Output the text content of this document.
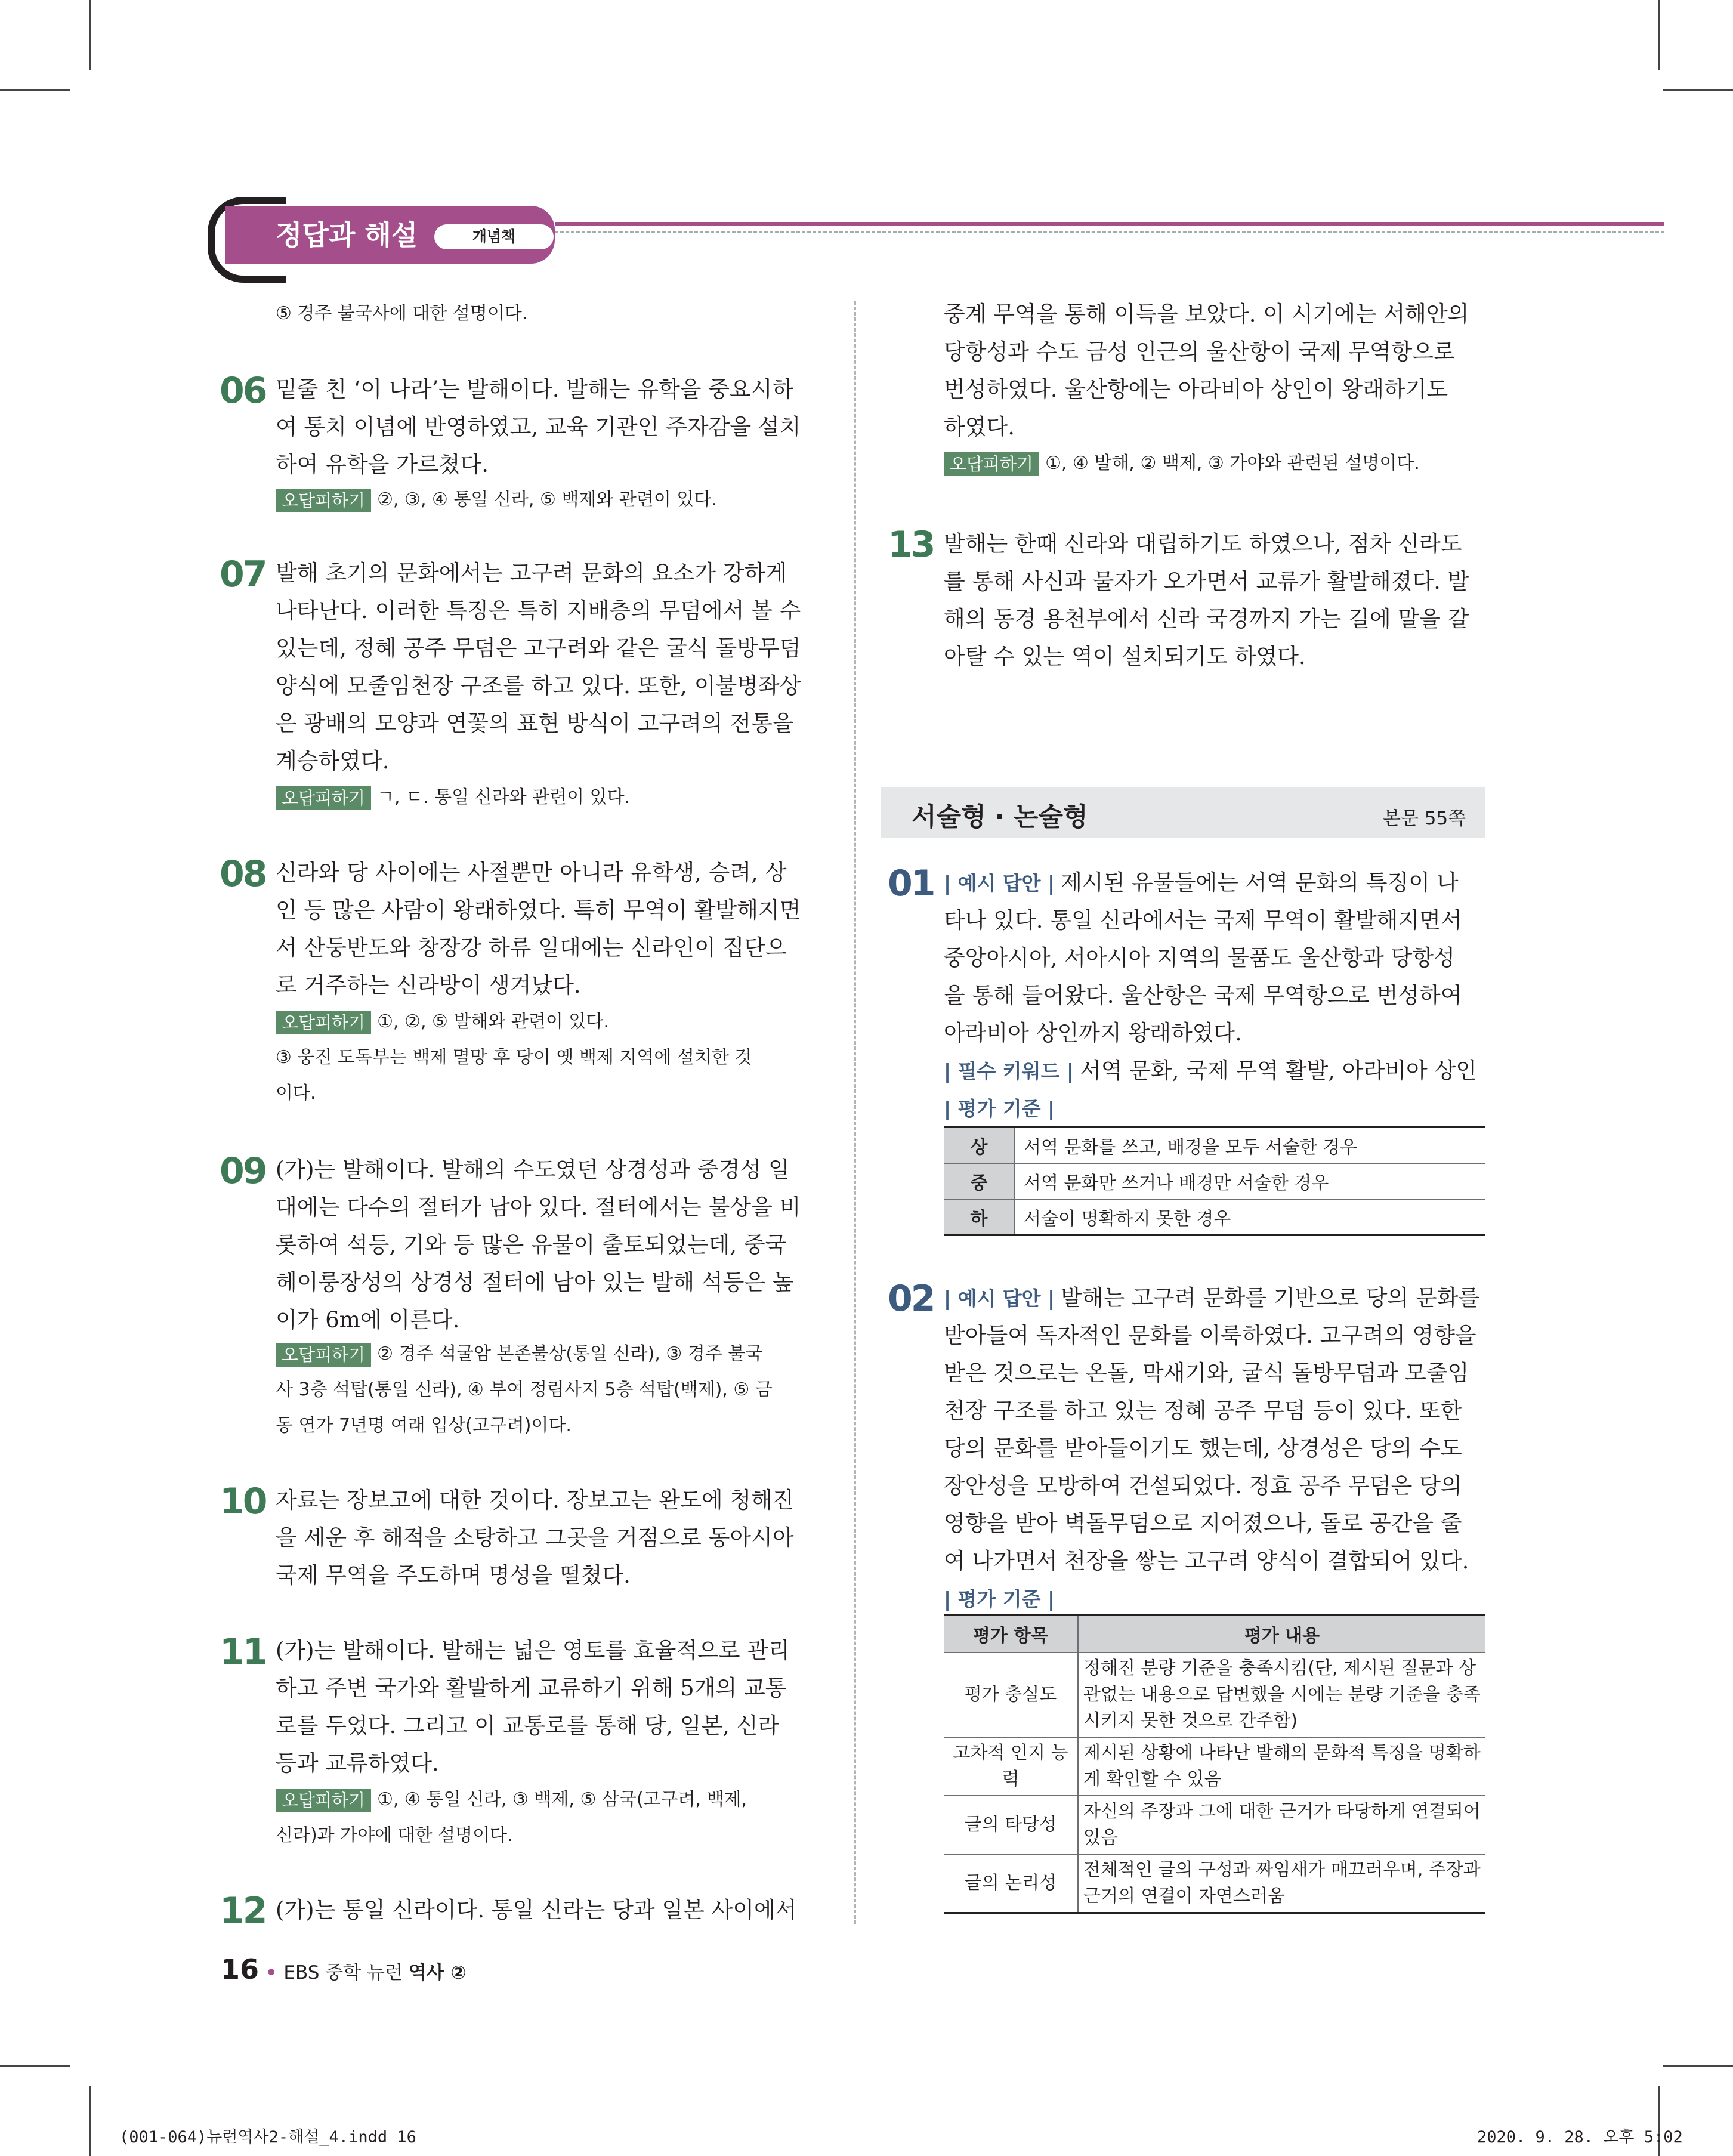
정답과 해설	개념책
⑤ 경주 불국사에 대한 설명이다.
06 밑줄 친 ‘이 나라’는 발해이다. 발해는 유학을 중요시하
여 통치 이념에 반영하였고, 교육 기관인 주자감을 설치
하여 유학을 가르쳤다.
오답피하기 ②, ③, ④ 통일 신라, ⑤ 백제와 관련이 있다.
07 발해 초기의 문화에서는 고구려 문화의 요소가 강하게
나타난다. 이러한 특징은 특히 지배층의 무덤에서 볼 수
있는데, 정혜 공주 무덤은 고구려와 같은 굴식 돌방무덤
양식에 모줄임천장 구조를 하고 있다. 또한, 이불병좌상
은 광배의 모양과 연꽃의 표현 방식이 고구려의 전통을
계승하였다.
오답피하기 ㄱ, ㄷ. 통일 신라와 관련이 있다.
08 신라와 당 사이에는 사절뿐만 아니라 유학생, 승려, 상
인 등 많은 사람이 왕래하였다. 특히 무역이 활발해지면
서 산둥반도와 창장강 하류 일대에는 신라인이 집단으
로 거주하는 신라방이 생겨났다.
오답피하기 ①, ②, ⑤ 발해와 관련이 있다.
③ 웅진 도독부는 백제 멸망 후 당이 옛 백제 지역에 설치한 것
이다.
09 (가)는 발해이다. 발해의 수도였던 상경성과 중경성 일
대에는 다수의 절터가 남아 있다. 절터에서는 불상을 비
롯하여 석등, 기와 등 많은 유물이 출토되었는데, 중국
헤이룽장성의 상경성 절터에 남아 있는 발해 석등은 높
이가 6m에 이른다.
오답피하기 ② 경주 석굴암 본존불상(통일 신라), ③ 경주 불국
사 3층 석탑(통일 신라), ④ 부여 정림사지 5층 석탑(백제), ⑤ 금
동 연가 7년명 여래 입상(고구려)이다.
10 자료는 장보고에 대한 것이다. 장보고는 완도에 청해진
을 세운 후 해적을 소탕하고 그곳을 거점으로 동아시아
국제 무역을 주도하며 명성을 떨쳤다.
11 (가)는 발해이다. 발해는 넓은 영토를 효율적으로 관리
하고 주변 국가와 활발하게 교류하기 위해 5개의 교통
로를 두었다. 그리고 이 교통로를 통해 당, 일본, 신라
등과 교류하였다.
오답피하기 ①, ④ 통일 신라, ③ 백제, ⑤ 삼국(고구려, 백제,
신라)과 가야에 대한 설명이다.
12 (가)는 통일 신라이다. 통일 신라는 당과 일본 사이에서
중계 무역을 통해 이득을 보았다. 이 시기에는 서해안의
당항성과 수도 금성 인근의 울산항이 국제 무역항으로
번성하였다. 울산항에는 아라비아 상인이 왕래하기도
하였다.
오답피하기 ①, ④ 발해, ② 백제, ③ 가야와 관련된 설명이다.
13 발해는 한때 신라와 대립하기도 하였으나, 점차 신라도
를 통해 사신과 물자가 오가면서 교류가 활발해졌다. 발
해의 동경 용천부에서 신라 국경까지 가는 길에 말을 갈
아탈 수 있는 역이 설치되기도 하였다.
서술형 · 논술형	본문 55쪽
01 | 예시 답안 | 제시된 유물들에는 서역 문화의 특징이 나
타나 있다. 통일 신라에서는 국제 무역이 활발해지면서
중앙아시아, 서아시아 지역의 물품도 울산항과 당항성
을 통해 들어왔다. 울산항은 국제 무역항으로 번성하여
아라비아 상인까지 왕래하였다.
| 필수 키워드 | 서역 문화, 국제 무역 활발, 아라비아 상인
| 평가 기준 |
상	서역 문화를 쓰고, 배경을 모두 서술한 경우
중	서역 문화만 쓰거나 배경만 서술한 경우
하	서술이 명확하지 못한 경우
02 | 예시 답안 | 발해는 고구려 문화를 기반으로 당의 문화를
받아들여 독자적인 문화를 이룩하였다. 고구려의 영향을
받은 것으로는 온돌, 막새기와, 굴식 돌방무덤과 모줄임
천장 구조를 하고 있는 정혜 공주 무덤 등이 있다. 또한
당의 문화를 받아들이기도 했는데, 상경성은 당의 수도
장안성을 모방하여 건설되었다. 정효 공주 무덤은 당의
영향을 받아 벽돌무덤으로 지어졌으나, 돌로 공간을 줄
여 나가면서 천장을 쌓는 고구려 양식이 결합되어 있다.
| 평가 기준 |
평가 항목	평가 내용
평가 충실도	정해진 분량 기준을 충족시킴(단, 제시된 질문과 상관없는 내용으로 답변했을 시에는 분량 기준을 충족시키지 못한 것으로 간주함)
고차적 인지 능력	제시된 상황에 나타난 발해의 문화적 특징을 명확하게 확인할 수 있음
글의 타당성	자신의 주장과 그에 대한 근거가 타당하게 연결되어 있음
글의 논리성	전체적인 글의 구성과 짜임새가 매끄러우며, 주장과 근거의 연결이 자연스러움
16 • EBS 중학 뉴런 역사 ②
(001-064)뉴런역사2-해설_4.indd 16	2020. 9. 28. 오후 5:02
